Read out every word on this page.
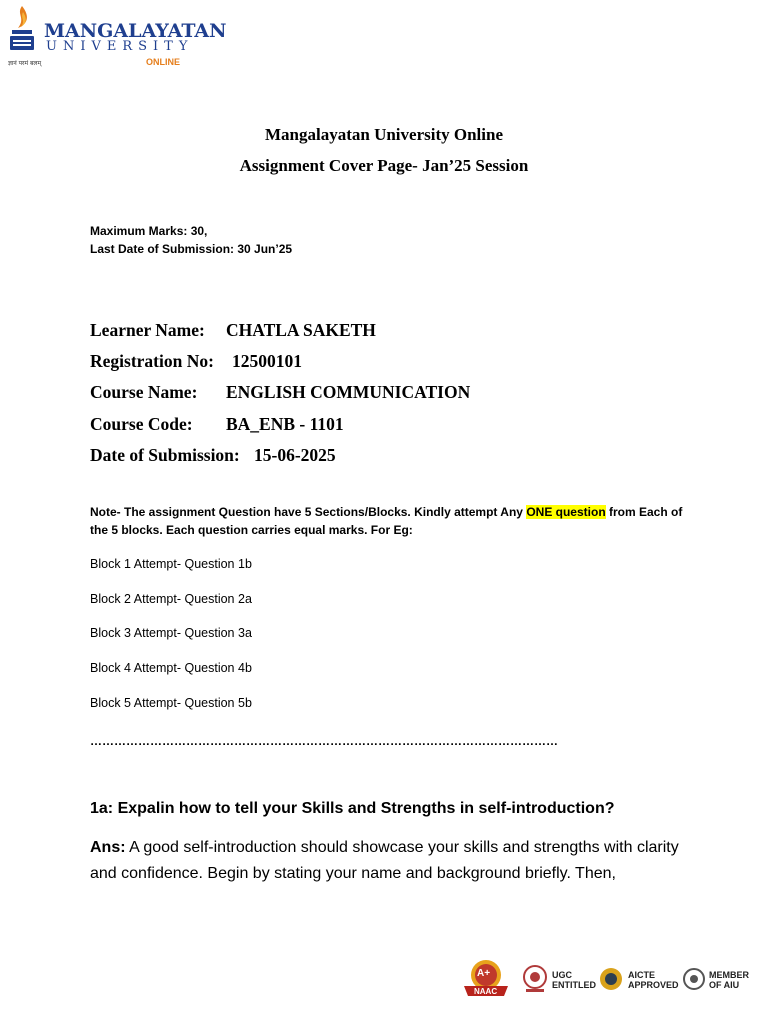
MANGALAYATAN
UNIVERSITY
ONLINE
ज्ञानं परमं बलम्
Mangalayatan University Online
Assignment Cover Page- Jan’25 Session
Maximum Marks: 30,
Last Date of Submission: 30 Jun’25
Learner Name: CHATLA SAKETH
Registration No: 12500101
Course Name: ENGLISH COMMUNICATION
Course Code: BA_ENB - 1101
Date of Submission: 15-06-2025
Note- The assignment Question have 5 Sections/Blocks. Kindly attempt Any ONE question from Each of the 5 blocks. Each question carries equal marks. For Eg:
Block 1 Attempt- Question 1b
Block 2 Attempt- Question 2a
Block 3 Attempt- Question 3a
Block 4 Attempt- Question 4b
Block 5 Attempt- Question 5b
………………………………………………………………………………………………………
1a: Expalin how to tell your Skills and Strengths in self-introduction?
Ans: A good self-introduction should showcase your skills and strengths with clarity and confidence. Begin by stating your name and background briefly. Then,
A+
NAAC
UGC ENTITLED
AICTE APPROVED
MEMBER OF AIU
